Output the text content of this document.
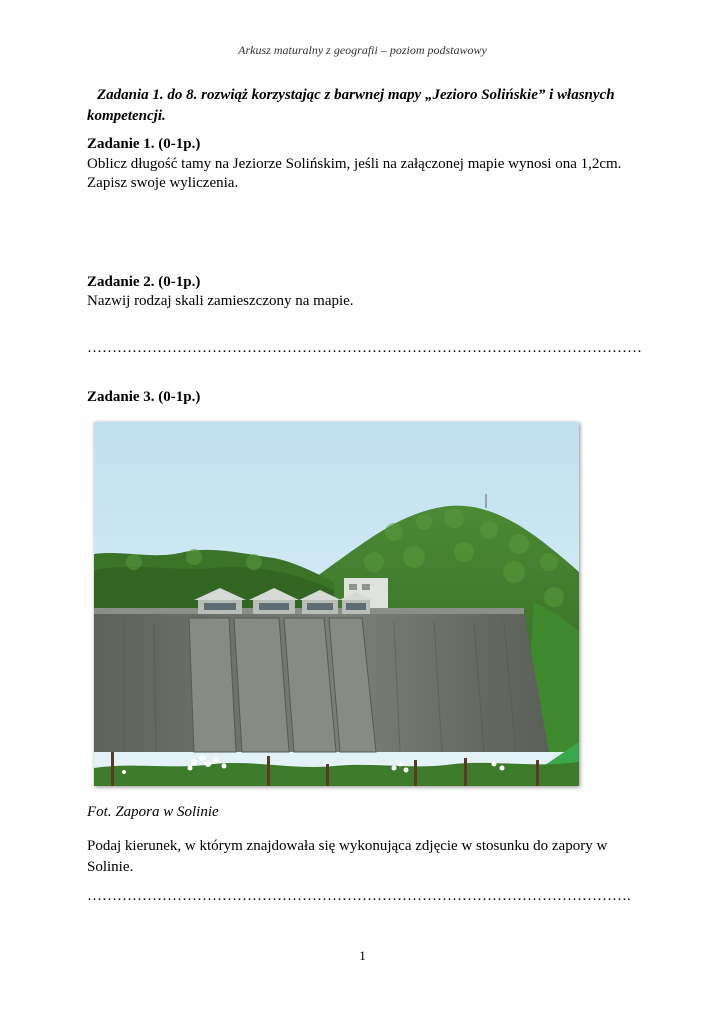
Arkusz maturalny z geografii – poziom podstawowy
Zadania 1. do 8. rozwiąż korzystając z barwnej mapy „Jezioro Solińskie” i własnych kompetencji.
Zadanie 1. (0-1p.)
Oblicz długość tamy na Jeziorze Solińskim, jeśli na załączonej mapie wynosi ona 1,2cm. Zapisz swoje wyliczenia.
Zadanie 2. (0-1p.)
Nazwij rodzaj skali zamieszczony na mapie.
…………………………………………………………………………………………………
Zadanie 3. (0-1p.)
Fot. Zapora w Solinie
Podaj kierunek, w którym znajdowała się wykonująca zdjęcie w stosunku do zapory w Solinie.
……………………………………………………………………………………………….
1
